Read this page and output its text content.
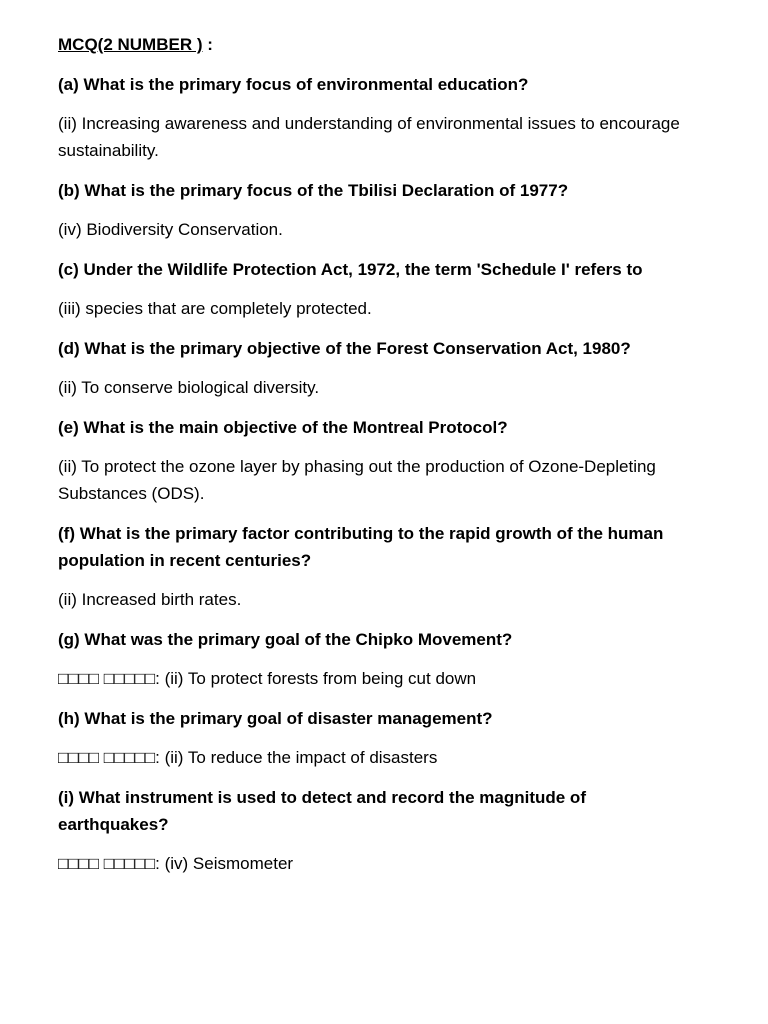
MCQ(2 NUMBER ) :

(a) What is the primary focus of environmental education?

(ii) Increasing awareness and understanding of environmental issues to encourage sustainability.

(b) What is the primary focus of the Tbilisi Declaration of 1977?

(iv) Biodiversity Conservation.

(c) Under the Wildlife Protection Act, 1972, the term 'Schedule I' refers to

(iii) species that are completely protected.

(d) What is the primary objective of the Forest Conservation Act, 1980?

(ii) To conserve biological diversity.

(e) What is the main objective of the Montreal Protocol?

(ii) To protect the ozone layer by phasing out the production of Ozone-Depleting Substances (ODS).

(f) What is the primary factor contributing to the rapid growth of the human population in recent centuries?

(ii) Increased birth rates.

(g) What was the primary goal of the Chipko Movement?

□□□□ □□□□□: (ii) To protect forests from being cut down

(h) What is the primary goal of disaster management?

□□□□ □□□□□: (ii) To reduce the impact of disasters

(i) What instrument is used to detect and record the magnitude of earthquakes?

□□□□ □□□□□: (iv) Seismometer
